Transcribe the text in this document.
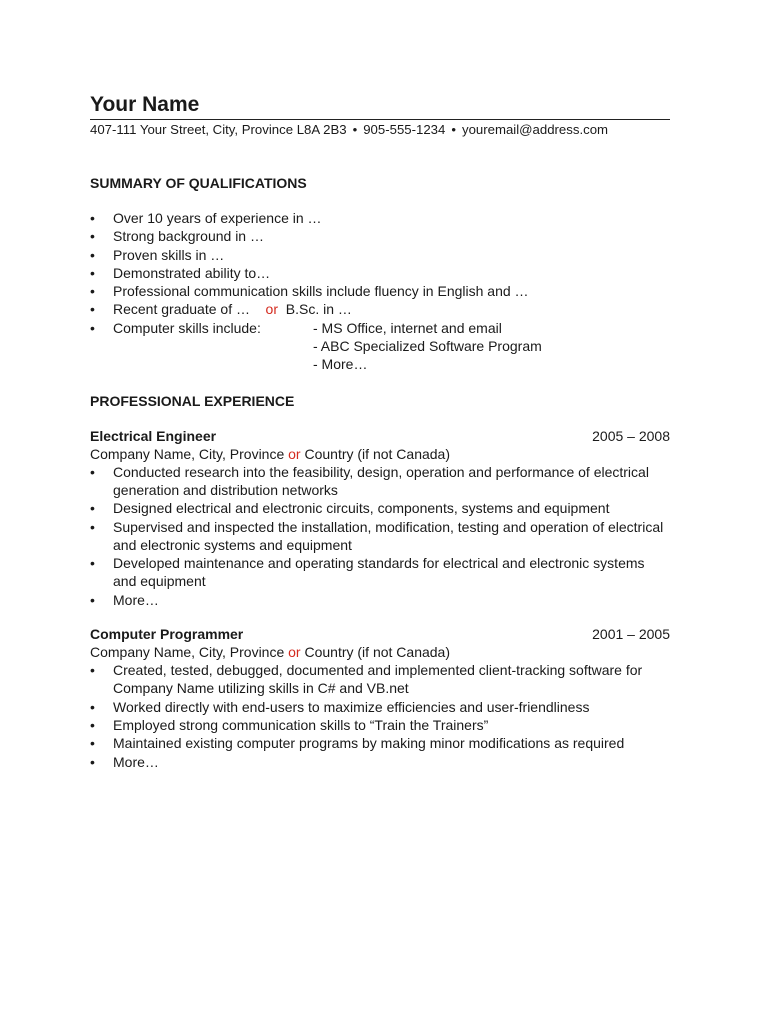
Your Name
407-111 Your Street, City, Province L8A 2B3 • 905-555-1234 • youremail@address.com
SUMMARY OF QUALIFICATIONS
• Over 10 years of experience in …
• Strong background in …
• Proven skills in …
• Demonstrated ability to…
• Professional communication skills include fluency in English and …
• Recent graduate of … or B.Sc. in …
• Computer skills include:	- MS Office, internet and email
- ABC Specialized Software Program
- More…
PROFESSIONAL EXPERIENCE
Electrical Engineer	2005 – 2008
Company Name, City, Province or Country (if not Canada)
• Conducted research into the feasibility, design, operation and performance of electrical generation and distribution networks
• Designed electrical and electronic circuits, components, systems and equipment
• Supervised and inspected the installation, modification, testing and operation of electrical and electronic systems and equipment
• Developed maintenance and operating standards for electrical and electronic systems and equipment
• More…
Computer Programmer	2001 – 2005
Company Name, City, Province or Country (if not Canada)
• Created, tested, debugged, documented and implemented client-tracking software for Company Name utilizing skills in C# and VB.net
• Worked directly with end-users to maximize efficiencies and user-friendliness
• Employed strong communication skills to “Train the Trainers”
• Maintained existing computer programs by making minor modifications as required
• More…
